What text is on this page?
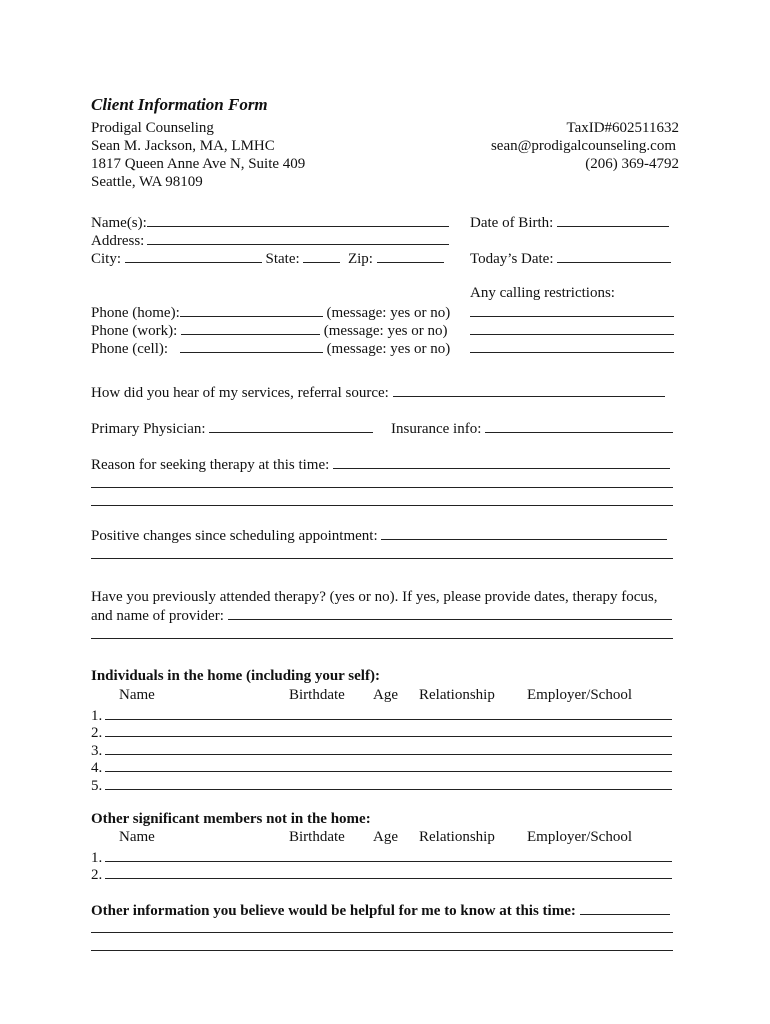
Client Information Form
Prodigal Counseling
Sean M. Jackson, MA, LMHC
1817 Queen Anne Ave N, Suite 409
Seattle, WA 98109
TaxID#602511632
sean@prodigalcounseling.com
(206) 369-4792
Name(s):
Address:
City:	State:	Zip:
Date of Birth:
Today’s Date:
Any calling restrictions:
Phone (home):	(message: yes or no)
Phone (work):	(message: yes or no)
Phone (cell):	(message: yes or no)
How did you hear of my services, referral source:
Primary Physician:	Insurance info:
Reason for seeking therapy at this time:
Positive changes since scheduling appointment:
Have you previously attended therapy? (yes or no). If yes, please provide dates, therapy focus,
and name of provider:
Individuals in the home (including your self):
Name	Birthdate Age Relationship Employer/School
1.
2.
3.
4.
5.
Other significant members not in the home:
Name	Birthdate Age Relationship Employer/School
1.
2.
Other information you believe would be helpful for me to know at this time:
